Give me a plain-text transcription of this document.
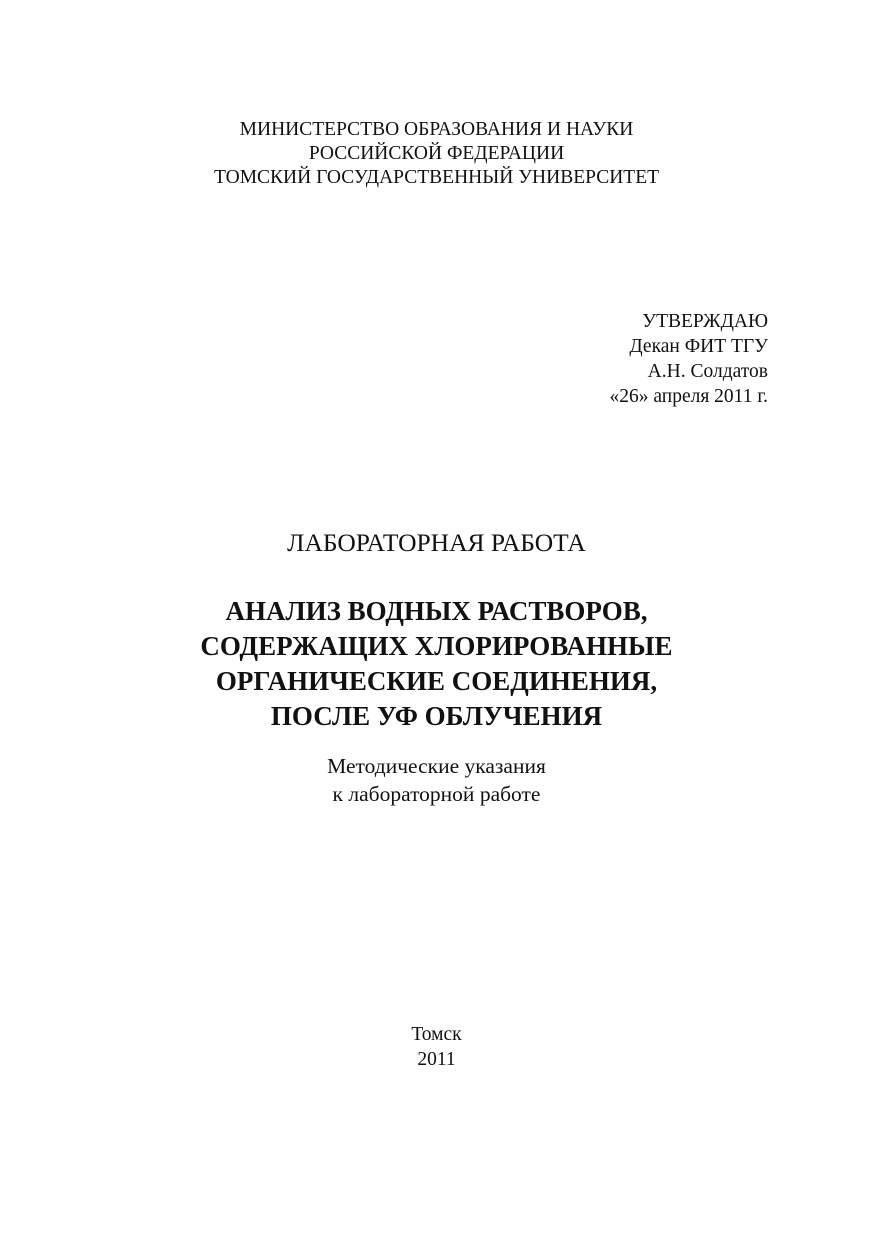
МИНИСТЕРСТВО ОБРАЗОВАНИЯ И НАУКИ
РОССИЙСКОЙ ФЕДЕРАЦИИ
ТОМСКИЙ ГОСУДАРСТВЕННЫЙ УНИВЕРСИТЕТ
УТВЕРЖДАЮ
Декан ФИТ ТГУ
А.Н. Солдатов
«26» апреля 2011 г.
ЛАБОРАТОРНАЯ РАБОТА
АНАЛИЗ ВОДНЫХ РАСТВОРОВ,
СОДЕРЖАЩИХ ХЛОРИРОВАННЫЕ
ОРГАНИЧЕСКИЕ СОЕДИНЕНИЯ,
ПОСЛЕ УФ ОБЛУЧЕНИЯ
Методические указания
к лабораторной работе
Томск
2011
